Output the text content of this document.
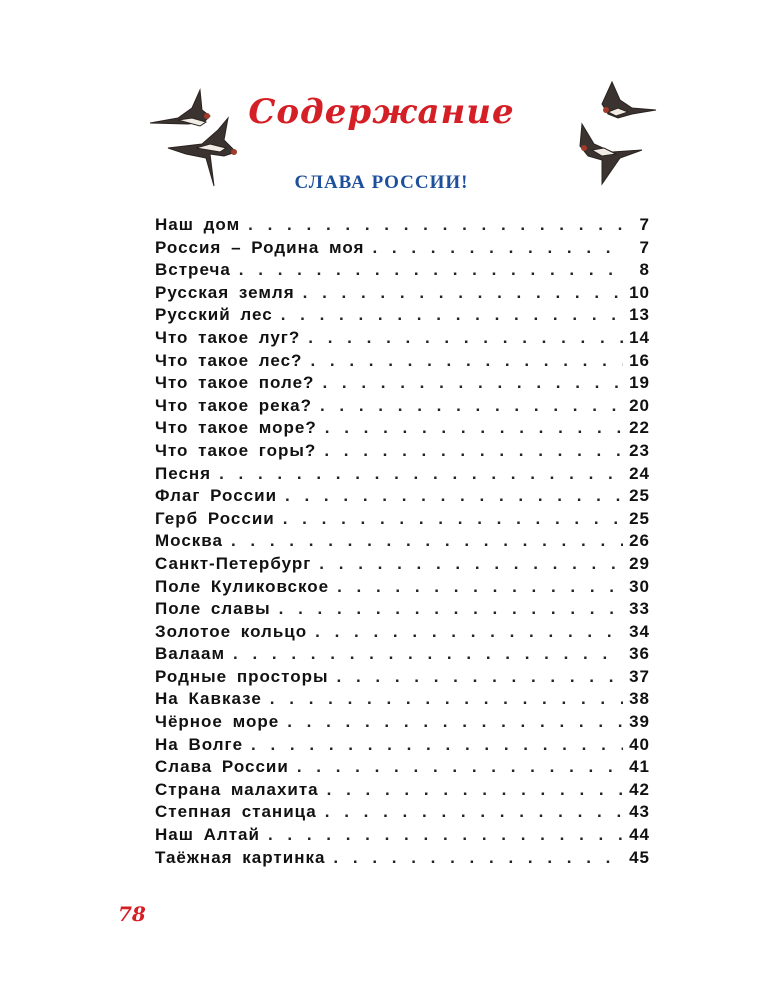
Содержание
СЛАВА РОССИИ!
Наш дом . . .	7
Россия – Родина моя . . .	7
Встреча . . .	8
Русская земля . . .	10
Русский лес . . .	13
Что такое луг? . . .	14
Что такое лес? . . .	16
Что такое поле? . . .	19
Что такое река? . . .	20
Что такое море? . . .	22
Что такое горы? . . .	23
Песня . . .	24
Флаг России . . .	25
Герб России . . .	25
Москва . . .	26
Санкт-Петербург . . .	29
Поле Куликовское . . .	30
Поле славы . . .	33
Золотое кольцо . . .	34
Валаам . . .	36
Родные просторы . . .	37
На Кавказе . . .	38
Чёрное море . . .	39
На Волге . . .	40
Слава России . . .	41
Страна малахита . . .	42
Степная станица . . .	43
Наш Алтай . . .	44
Таёжная картинка . . .	45
78
